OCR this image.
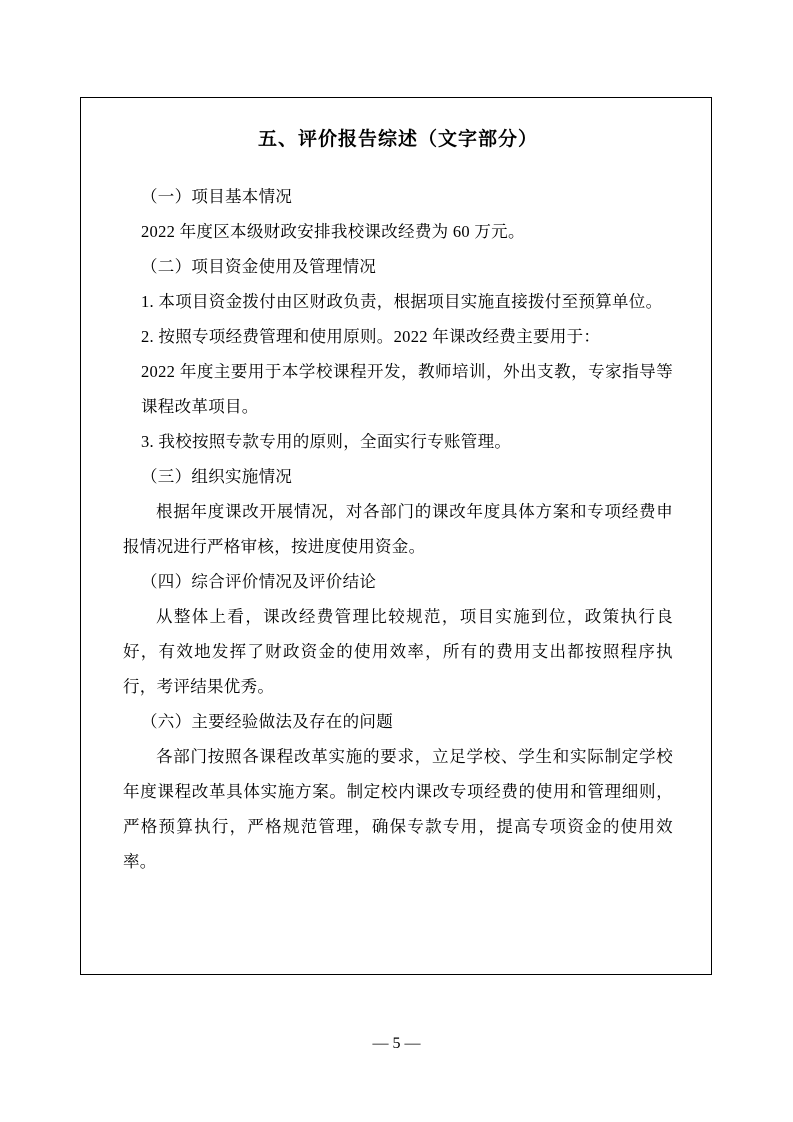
五、评价报告综述（文字部分）

（一）项目基本情况

2022 年度区本级财政安排我校课改经费为 60 万元。

（二）项目资金使用及管理情况

1. 本项目资金拨付由区财政负责，根据项目实施直接拨付至预算单位。

2. 按照专项经费管理和使用原则。2022 年课改经费主要用于：

2022 年度主要用于本学校课程开发，教师培训，外出支教，专家指导等课程改革项目。

3. 我校按照专款专用的原则，全面实行专账管理。

（三）组织实施情况

根据年度课改开展情况，对各部门的课改年度具体方案和专项经费申报情况进行严格审核，按进度使用资金。

（四）综合评价情况及评价结论

从整体上看，课改经费管理比较规范，项目实施到位，政策执行良好，有效地发挥了财政资金的使用效率，所有的费用支出都按照程序执行，考评结果优秀。

（六）主要经验做法及存在的问题

各部门按照各课程改革实施的要求，立足学校、学生和实际制定学校年度课程改革具体实施方案。制定校内课改专项经费的使用和管理细则，严格预算执行，严格规范管理，确保专款专用，提高专项资金的使用效率。

— 5 —
